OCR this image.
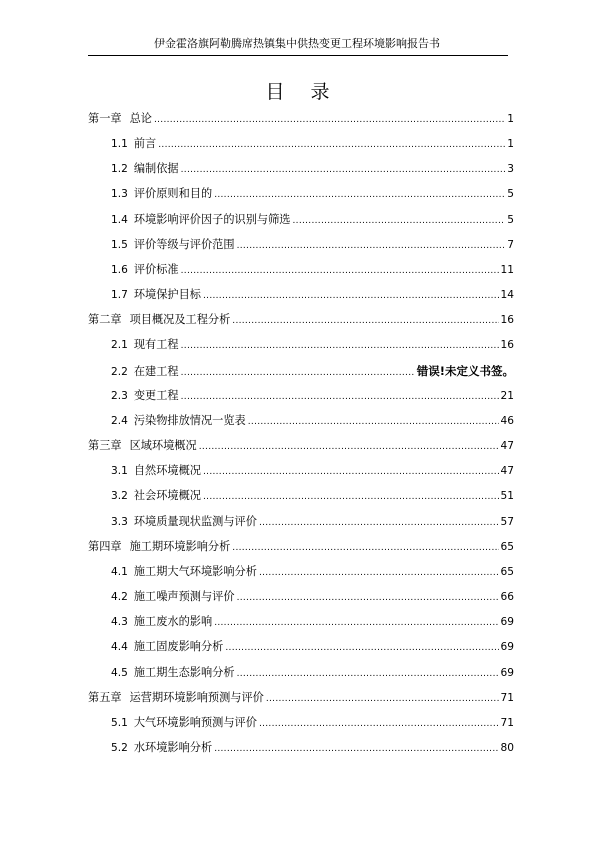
伊金霍洛旗阿勒腾席热镇集中供热变更工程环境影响报告书
目 录
第一章 总论 .....	1
1.1 前言 .....	1
1.2 编制依据 .....	3
1.3 评价原则和目的 .....	5
1.4 环境影响评价因子的识别与筛选 .....	5
1.5 评价等级与评价范围 .....	7
1.6 评价标准 .....	11
1.7 环境保护目标 .....	14
第二章 项目概况及工程分析 .....	16
2.1 现有工程 .....	16
2.2 在建工程 .....	错误!未定义书签。
2.3 变更工程 .....	21
2.4 污染物排放情况一览表 .....	46
第三章 区域环境概况 .....	47
3.1 自然环境概况 .....	47
3.2 社会环境概况 .....	51
3.3 环境质量现状监测与评价 .....	57
第四章 施工期环境影响分析 .....	65
4.1 施工期大气环境影响分析 .....	65
4.2 施工噪声预测与评价 .....	66
4.3 施工废水的影响 .....	69
4.4 施工固废影响分析 .....	69
4.5 施工期生态影响分析 .....	69
第五章 运营期环境影响预测与评价 .....	71
5.1 大气环境影响预测与评价 .....	71
5.2 水环境影响分析 .....	80
